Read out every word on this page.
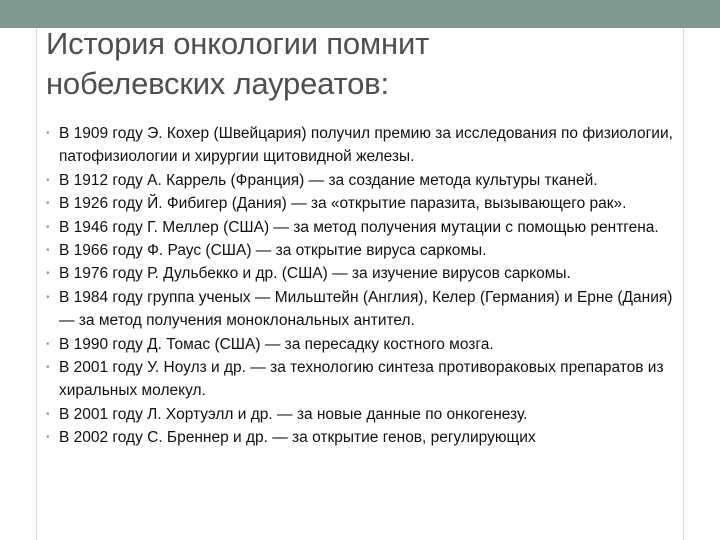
История онкологии помнит
нобелевских лауреатов:
• В 1909 году Э. Кохер (Швейцария) получил премию за исследования по физиологии, патофизиологии и хирургии щитовидной железы.
• В 1912 году А. Каррель (Франция) — за создание метода культуры тканей.
• В 1926 году Й. Фибигер (Дания) — за «открытие паразита, вызывающего рак».
• В 1946 году Г. Меллер (США) — за метод получения мутации с помощью рентгена.
• В 1966 году Ф. Раус (США) — за открытие вируса саркомы.
• В 1976 году Р. Дульбекко и др. (США) — за изучение вирусов саркомы.
• В 1984 году группа ученых — Мильштейн (Англия), Келер (Германия) и Ерне (Дания) — за метод получения моноклональных антител.
• В 1990 году Д. Томас (США) — за пересадку костного мозга.
• В 2001 году У. Ноулз и др. — за технологию синтеза противораковых препаратов из хиральных молекул.
• В 2001 году Л. Хортуэлл и др. — за новые данные по онкогенезу.
• В 2002 году С. Бреннер и др. — за открытие генов, регулирующих
